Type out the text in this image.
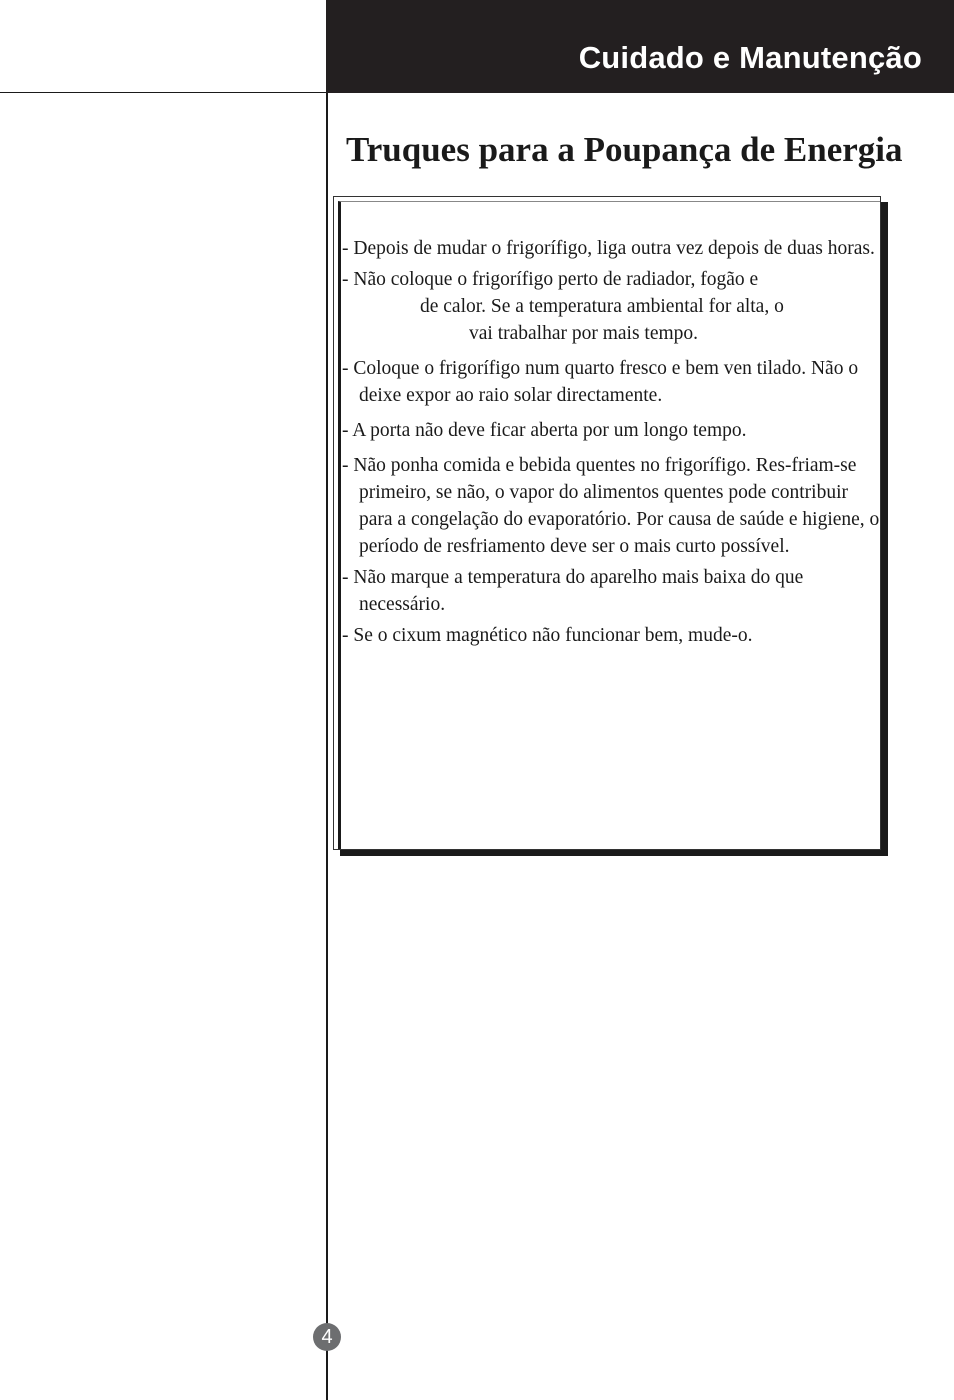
Cuidado e Manutenção
Truques para a Poupança de Energia
- Depois de mudar o frigorífigo, liga outra vez depois de duas horas.
- Não coloque o frigorífigo perto de radiador, fogão e
de calor. Se a temperatura ambiental for alta, o
vai trabalhar por mais tempo.
- Coloque o frigorífigo num quarto fresco e bem ven tilado. Não o deixe expor ao raio solar directamente.
- A porta não deve ficar aberta por um longo tempo.
- Não ponha comida e bebida quentes no frigorífigo. Res-friam-se primeiro, se não, o vapor do alimentos quentes pode contribuir para a congelação do evaporatório. Por causa de saúde e higiene, o período de resfriamento deve ser o mais curto possível.
- Não marque a temperatura do aparelho mais baixa do que necessário.
- Se o cixum magnético não funcionar bem, mude-o.
4
